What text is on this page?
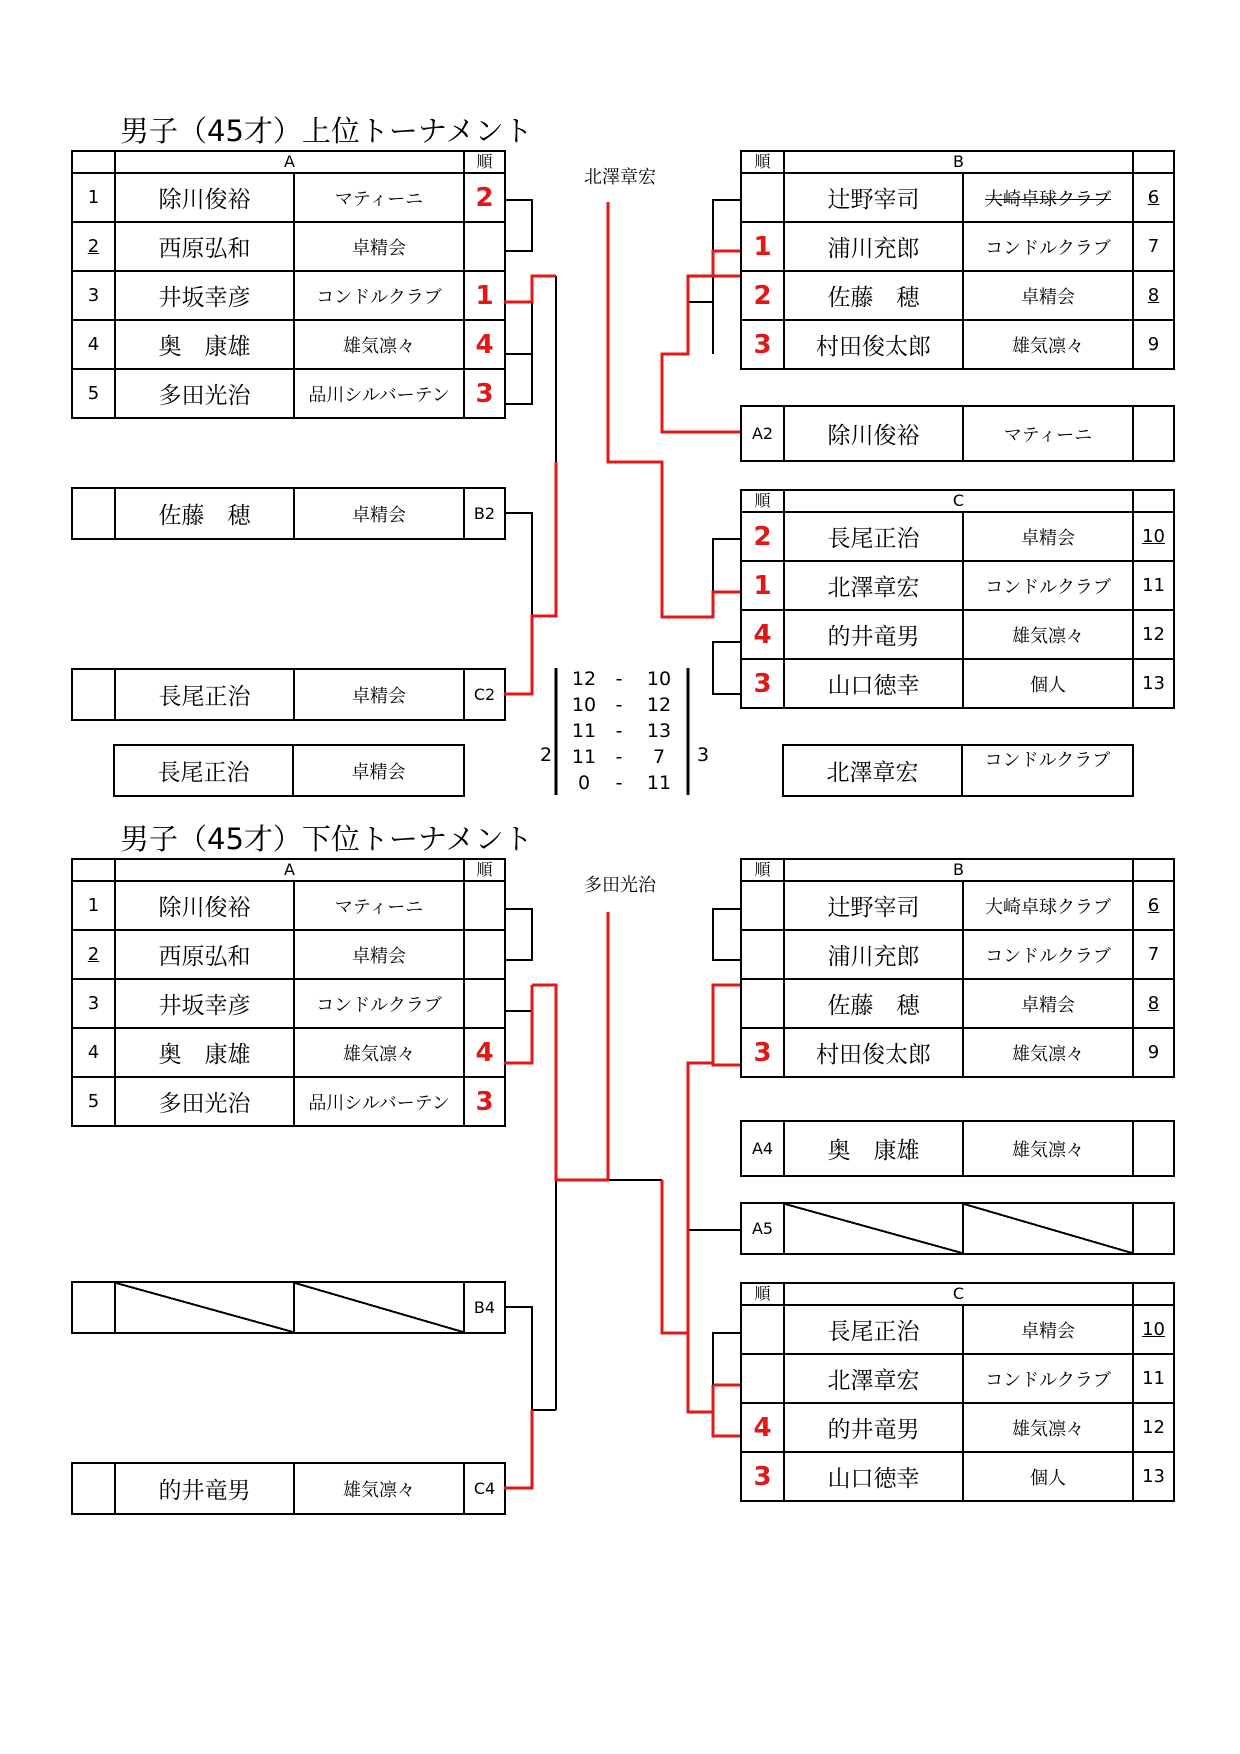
男子（45才）上位トーナメント
北澤章宏
	A		順
1	除川俊裕	マティーニ	2
2	西原弘和	卓精会	
3	井坂幸彦	コンドルクラブ	1
4	奥　康雄	雄気凛々	4
5	多田光治	品川シルバーテン	3
順	B		
	辻野宰司	大崎卓球クラブ	6
1	浦川充郎	コンドルクラブ	7
2	佐藤　穂	卓精会	8
3	村田俊太郎	雄気凛々	9
A2	除川俊裕	マティーニ	
順	C		
2	長尾正治	卓精会	10
1	北澤章宏	コンドルクラブ	11
4	的井竜男	雄気凛々	12
3	山口徳幸	個人	13
	佐藤　穂	卓精会	B2
	長尾正治	卓精会	C2
長尾正治	卓精会	北澤章宏	コンドルクラブ
12 - 10
10 - 12
11 - 13
11 - 7
0 - 11
2	3
男子（45才）下位トーナメント
多田光治
	A		順
1	除川俊裕	マティーニ	
2	西原弘和	卓精会	
3	井坂幸彦	コンドルクラブ	
4	奥　康雄	雄気凛々	4
5	多田光治	品川シルバーテン	3
順	B		
	辻野宰司	大崎卓球クラブ	6
	浦川充郎	コンドルクラブ	7
	佐藤　穂	卓精会	8
3	村田俊太郎	雄気凛々	9
A4	奥　康雄	雄気凛々	
A5			
順	C		
	長尾正治	卓精会	10
	北澤章宏	コンドルクラブ	11
4	的井竜男	雄気凛々	12
3	山口徳幸	個人	13
			B4
	的井竜男	雄気凛々	C4
